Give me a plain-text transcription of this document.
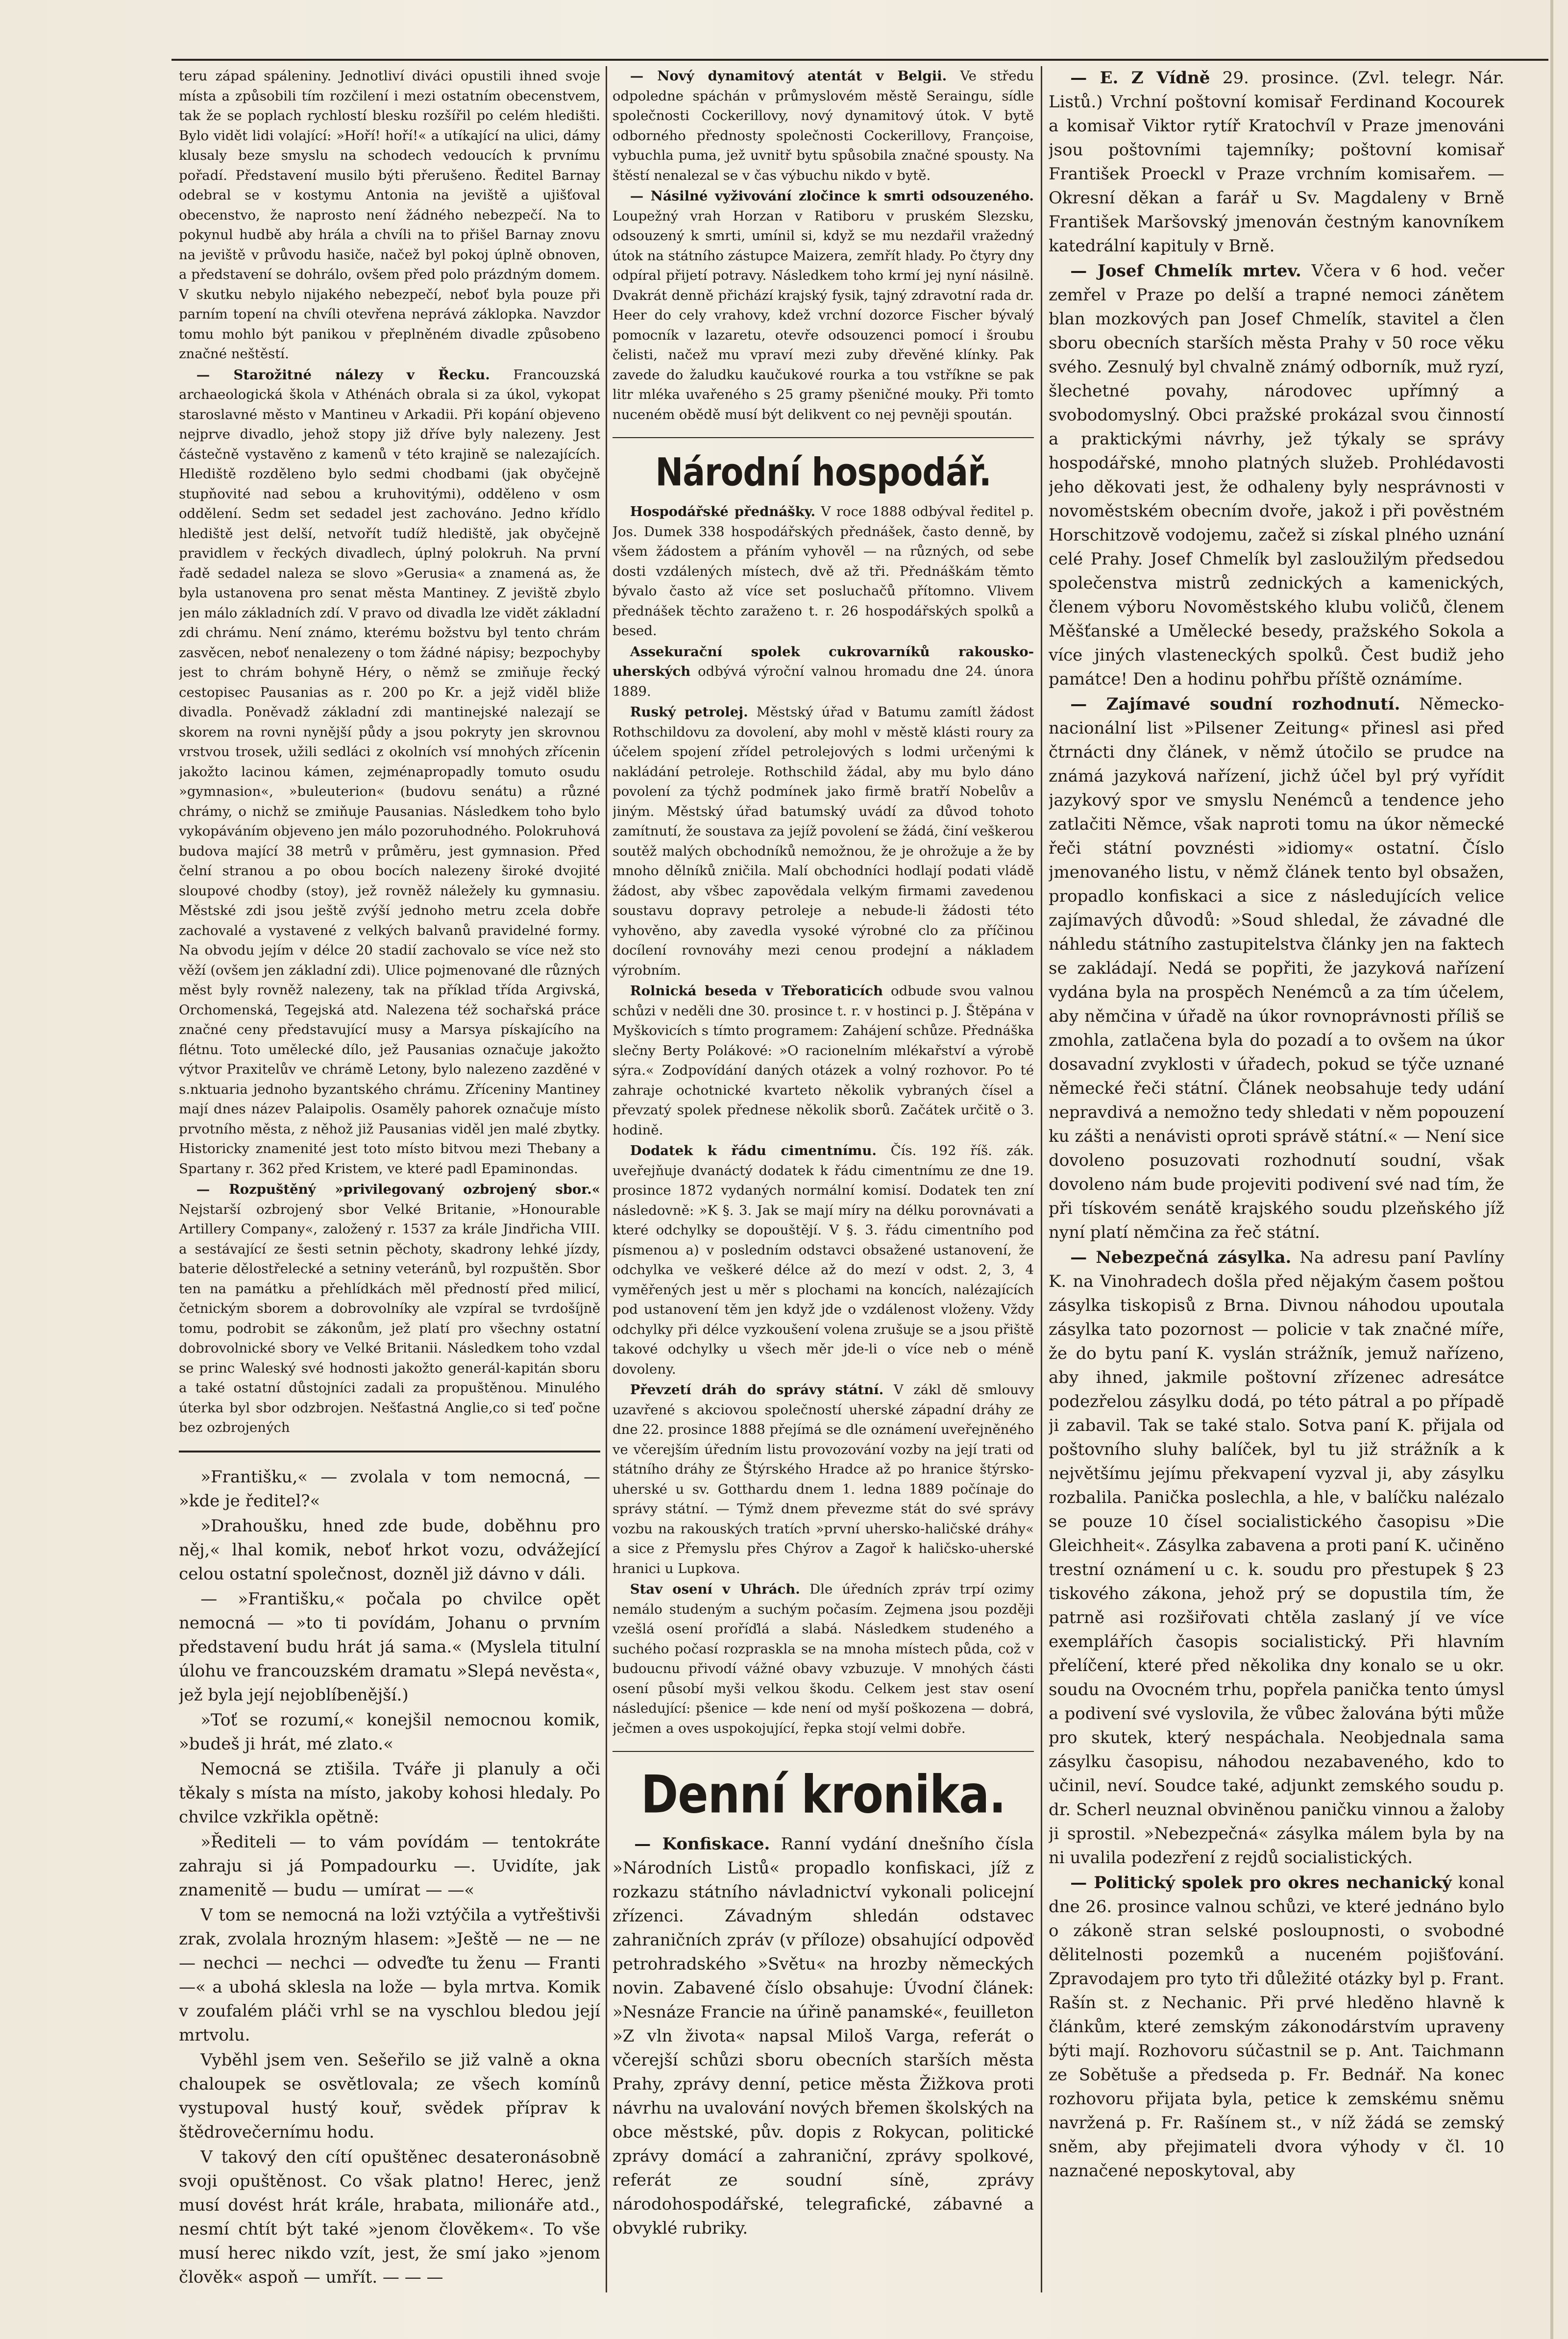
teru západ spáleniny. Jednotliví diváci opustili ihned svoje místa a způsobili tím rozčilení i mezi ostatním obecenstvem, tak že se poplach rychlostí blesku rozšířil po celém hledišti. Bylo vidět lidi volající: »Hoří! hoří!« a utíkající na ulici, dámy klusaly beze smyslu na schodech vedoucích k prvnímu pořadí. Představení musilo býti přerušeno. Ředitel Barnay odebral se v kostymu Antonia na jeviště a ujišťoval obecenstvo, že naprosto není žádného nebezpečí. Na to pokynul hudbě aby hrála a chvíli na to přišel Barnay znovu na jeviště v průvodu hasiče, načež byl pokoj úplně obnoven, a představení se dohrálo, ovšem před polo prázdným domem. V skutku nebylo nijakého nebezpečí, neboť byla pouze při parním topení na chvíli otevřena neprává záklopka. Navzdor tomu mohlo být panikou v přeplněném divadle způsobeno značné neštěstí.

— Starožitné nálezy v Řecku. Francouzská archaeologická škola v Athénách obrala si za úkol, vykopat staroslavné město v Mantineu v Arkadii. Při kopání objeveno nejprve divadlo, jehož stopy již dříve byly nalezeny. Jest částečně vystavěno z kamenů v této krajině se nalezajících. Hlediště rozděleno bylo sedmi chodbami (jak obyčejně stupňovité nad sebou a kruhovitými), odděleno v osm oddělení. Sedm set sedadel jest zachováno. Jedno křídlo hlediště jest delší, netvořít tudíž hlediště, jak obyčejně pravidlem v řeckých divadlech, úplný polokruh. Na první řadě sedadel naleza se slovo »Gerusia« a znamená as, že byla ustanovena pro senat města Mantiney. Z jeviště zbylo jen málo základních zdí. V pravo od divadla lze vidět základní zdi chrámu. Není známo, kterému božstvu byl tento chrám zasvěcen, neboť nenalezeny o tom žádné nápisy; bezpochyby jest to chrám bohyně Héry, o němž se zmiňuje řecký cestopisec Pausanias as r. 200 po Kr. a jejž viděl bliže divadla. Poněvadž základní zdi mantinejské nalezají se skorem na rovni nynější půdy a jsou pokryty jen skrovnou vrstvou trosek, užili sedláci z okolních vsí mnohých zřícenin jakožto lacinou kámen, zejménapropadly tomuto osudu »gymnasion«, »buleuterion« (budovu senátu) a různé chrámy, o nichž se zmiňuje Pausanias. Následkem toho bylo vykopáváním objeveno jen málo pozoruhodného. Polokruhová budova mající 38 metrů v průměru, jest gymnasion. Před čelní stranou a po obou bocích nalezeny široké dvojité sloupové chodby (stoy), jež rovněž náležely ku gymnasiu. Městské zdi jsou ještě zvýší jednoho metru zcela dobře zachovalé a vystavené z velkých balvanů pravidelné formy. Na obvodu jejím v délce 20 stadií zachovalo se více než sto věží (ovšem jen základní zdi). Ulice pojmenované dle různých měst byly rovněž nalezeny, tak na příklad třída Argivská, Orchomenská, Tegejská atd. Nalezena též sochařská práce značné ceny představující musy a Marsya pískajícího na flétnu. Toto umělecké dílo, jež Pausanias označuje jakožto výtvor Praxitelův ve chrámě Letony, bylo nalezeno zazděné v s.nktuaria jednoho byzantského chrámu. Zříceniny Mantiney mají dnes název Palaipolis. Osaměly pahorek označuje místo prvotního města, z něhož již Pausanias viděl jen malé zbytky. Historicky znamenité jest toto místo bitvou mezi Thebany a Spartany r. 362 před Kristem, ve které padl Epaminondas.

— Rozpuštěný »privilegovaný ozbrojený sbor.« Nejstarší ozbrojený sbor Velké Britanie, »Honourable Artillery Company«, založený r. 1537 za krále Jindřicha VIII. a sestávající ze šesti setnin pěchoty, skadrony lehké jízdy, baterie dělostřelecké a setniny veteránů, byl rozpuštěn. Sbor ten na památku a přehlídkách měl předností před milicí, četnickým sborem a dobrovolníky ale vzpíral se tvrdošíjně tomu, podrobit se zákonům, jež platí pro všechny ostatní dobrovolnické sbory ve Velké Britanii. Následkem toho vzdal se princ Waleský své hodnosti jakožto generál-kapitán sboru a také ostatní důstojníci zadali za propuštěnou. Minulého úterka byl sbor odzbrojen. Nešťastná Anglie,co si teď počne bez ozbrojených

»Františku,« — zvolala v tom nemocná, — »kde je ředitel?«

»Drahoušku, hned zde bude, doběhnu pro něj,« lhal komik, neboť hrkot vozu, odvážející celou ostatní společnost, dozněl již dávno v dáli.

— »Františku,« počala po chvilce opět nemocná — »to ti povídám, Johanu o prvním představení budu hrát já sama.« (Myslela titulní úlohu ve francouzském dramatu »Slepá nevěsta«, jež byla její nejoblíbenější.)

»Toť se rozumí,« konejšil nemocnou komik, »budeš ji hrát, mé zlato.«

Nemocná se ztišila. Tváře ji planuly a oči těkaly s místa na místo, jakoby kohosi hledaly. Po chvilce vzkřikla opětně:

»Řediteli — to vám povídám — tentokráte zahraju si já Pompadourku —. Uvidíte, jak znamenitě — budu — umírat — —«

V tom se nemocná na loži vztýčila a vytřeštivši zrak, zvolala hrozným hlasem: »Ještě — ne — ne — nechci — nechci — odveďte tu ženu — Franti —« a ubohá sklesla na lože — byla mrtva. Komik v zoufalém pláči vrhl se na vyschlou bledou její mrtvolu.

Vyběhl jsem ven. Sešeřilo se již valně a okna chaloupek se osvětlovala; ze všech komínů vystupoval hustý kouř, svědek příprav k štědrovečernímu hodu.

V takový den cítí opuštěnec desateronásobně svoji opuštěnost. Co však platno! Herec, jenž musí dovést hrát krále, hrabata, milionáře atd., nesmí chtít být také »jenom člověkem«. To vše musí herec nikdo vzít, jest, že smí jako »jenom člověk« aspoň — umřít. — — —

— Nový dynamitový atentát v Belgii. Ve středu odpoledne spáchán v průmyslovém městě Seraingu, sídle společnosti Cockerillovy, nový dynamitový útok. V bytě odborného přednosty společnosti Cockerillovy, Françoise, vybuchla puma, jež uvnitř bytu spůsobila značné spousty. Na štěstí nenalezal se v čas výbuchu nikdo v bytě.

— Násilné vyživování zločince k smrti odsouzeného. Loupežný vrah Horzan v Ratiboru v pruském Slezsku, odsouzený k smrti, umínil si, když se mu nezdařil vražedný útok na státního zástupce Maizera, zemřít hlady. Po čtyry dny odpíral přijetí potravy. Následkem toho krmí jej nyní násilně. Dvakrát denně přichází krajský fysik, tajný zdravotní rada dr. Heer do cely vrahovy, kdež vrchní dozorce Fischer bývalý pomocník v lazaretu, otevře odsouzenci pomocí i šroubu čelisti, načež mu vpraví mezi zuby dřevěné klínky. Pak zavede do žaludku kaučukové rourka a tou vstříkne se pak litr mléka uvařeného s 25 gramy pšeničné mouky. Při tomto nuceném obědě musí být delikvent co nej pevněji spoután.

Národní hospodář.

Hospodářské přednášky. V roce 1888 odbýval ředitel p. Jos. Dumek 338 hospodářských přednášek, často denně, by všem žádostem a přáním vyhověl — na různých, od sebe dosti vzdálených místech, dvě až tři. Přednáškám těmto bývalo často až více set posluchačů přítomno. Vlivem přednášek těchto zaraženo t. r. 26 hospodářských spolků a besed.

Assekurační spolek cukrovarníků rakousko-uherských odbývá výroční valnou hromadu dne 24. února 1889.

Ruský petrolej. Městský úřad v Batumu zamítl žádost Rothschildovu za dovolení, aby mohl v městě klásti roury za účelem spojení zřídel petrolejových s lodmi určenými k nakládání petroleje. Rothschild žádal, aby mu bylo dáno povolení za týchž podmínek jako firmě bratří Nobelův a jiným. Městský úřad batumský uvádí za důvod tohoto zamítnutí, že soustava za jejíž povolení se žádá, činí veškerou soutěž malých obchodníků nemožnou, že je ohrožuje a že by mnoho dělníků zničila. Malí obchodníci hodlají podati vládě žádost, aby všbec zapovědala velkým firmami zavedenou soustavu dopravy petroleje a nebude-li žádosti této vyhověno, aby zavedla vysoké výrobné clo za příčinou docílení rovnováhy mezi cenou prodejní a nákladem výrobním.

Rolnická beseda v Třeboraticích odbude svou valnou schůzi v neděli dne 30. prosince t. r. v hostinci p. J. Štěpána v Myškovicích s tímto programem: Zahájení schůze. Přednáška slečny Berty Polákové: »O racionelním mlékařství a výrobě sýra.« Zodpovídání daných otázek a volný rozhovor. Po té zahraje ochotnické kvarteto několik vybraných čísel a převzatý spolek přednese několik sborů. Začátek určitě o 3. hodině.

Dodatek k řádu cimentnímu. Čís. 192 říš. zák. uveřejňuje dvanáctý dodatek k řádu cimentnímu ze dne 19. prosince 1872 vydaných normální komisí. Dodatek ten zní následovně: »K §. 3. Jak se mají míry na délku porovnávati a které odchylky se dopouštějí. V §. 3. řádu cimentního pod písmenou a) v posledním odstavci obsažené ustanovení, že odchylka ve veškeré délce až do mezí v odst. 2, 3, 4 vyměřených jest u měr s plochami na koncích, nalézajících pod ustanovení těm jen když jde o vzdálenost vloženy. Vždy odchylky při délce vyzkoušení volena zrušuje se a jsou přiště takové odchylky u všech měr jde-li o více neb o méně dovoleny.

Převzetí dráh do správy státní. V zákl dě smlouvy uzavřené s akciovou společností uherské západní dráhy ze dne 22. prosince 1888 přejímá se dle oznámení uveřejněného ve včerejším úředním listu provozování vozby na její trati od státního dráhy ze Štýrského Hradce až po hranice štýrsko-uherské u sv. Gotthardu dnem 1. ledna 1889 počínaje do správy státní. — Týmž dnem převezme stát do své správy vozbu na rakouských tratích »první uhersko-haličské dráhy« a sice z Přemyslu přes Chýrov a Zagoř k haličsko-uherské hranici u Lupkova.

Stav osení v Uhrách. Dle úředních zpráv trpí ozimy nemálo studeným a suchým počasím. Zejmena jsou později vzešlá osení proříďlá a slabá. Následkem studeného a suchého počasí rozpraskla se na mnoha místech půda, což v budoucnu přivodí vážné obavy vzbuzuje. V mnohých části osení působí myši velkou škodu. Celkem jest stav osení následující: pšenice — kde není od myší poškozena — dobrá, ječmen a oves uspokojující, řepka stojí velmi dobře.

Denní kronika.

— Konfiskace. Ranní vydání dnešního čísla »Národních Listů« propadlo konfiskaci, jíž z rozkazu státního návladnictví vykonali policejní zřízenci. Závadným shledán odstavec zahraničních zpráv (v příloze) obsahující odpověď petrohradského »Světu« na hrozby německých novin. Zabavené číslo obsahuje: Úvodní článek: »Nesnáze Francie na úřině panamské«, feuilleton »Z vln života« napsal Miloš Varga, referát o včerejší schůzi sboru obecních starších města Prahy, zprávy denní, petice města Žižkova proti návrhu na uvalování nových břemen školských na obce městské, pův. dopis z Rokycan, politické zprávy domácí a zahraniční, zprávy spolkové, referát ze soudní síně, zprávy národohospodářské, telegrafické, zábavné a obvyklé rubriky.

— E. Z Vídně 29. prosince. (Zvl. telegr. Nár. Listů.) Vrchní poštovní komisař Ferdinand Kocourek a komisař Viktor rytíř Kratochvíl v Praze jmenováni jsou poštovními tajemníky; poštovní komisař František Proeckl v Praze vrchním komisařem. — Okresní děkan a farář u Sv. Magdaleny v Brně František Maršovský jmenován čestným kanovníkem katedrální kapituly v Brně.

— Josef Chmelík mrtev. Včera v 6 hod. večer zemřel v Praze po delší a trapné nemoci zánětem blan mozkových pan Josef Chmelík, stavitel a člen sboru obecních starších města Prahy v 50 roce věku svého. Zesnulý byl chvalně známý odborník, muž ryzí, šlechetné povahy, národovec upřímný a svobodomyslný. Obci pražské prokázal svou činností a praktickými návrhy, jež týkaly se správy hospodářské, mnoho platných služeb. Prohlédavosti jeho děkovati jest, že odhaleny byly nesprávnosti v novoměstském obecním dvoře, jakož i při pověstném Horschitzově vodojemu, začež si získal plného uznání celé Prahy. Josef Chmelík byl zasloužilým předsedou společenstva mistrů zednických a kamenických, členem výboru Novoměstského klubu voličů, členem Měšťanské a Umělecké besedy, pražského Sokola a více jiných vlasteneckých spolků. Čest budiž jeho památce! Den a hodinu pohřbu příště oznámíme.

— Zajímavé soudní rozhodnutí. Německo-nacionální list »Pilsener Zeitung« přinesl asi před čtrnácti dny článek, v němž útočilo se prudce na známá jazyková nařízení, jichž účel byl prý vyřídit jazykový spor ve smyslu Nenémců a tendence jeho zatlačiti Němce, však naproti tomu na úkor německé řeči státní povznésti »idiomy« ostatní. Číslo jmenovaného listu, v němž článek tento byl obsažen, propadlo konfiskaci a sice z následujících velice zajímavých důvodů: »Soud shledal, že závadné dle náhledu státního zastupitelstva články jen na faktech se zakládají. Nedá se popřiti, že jazyková nařízení vydána byla na prospěch Nenémců a za tím účelem, aby němčina v úřadě na úkor rovnoprávnosti příliš se zmohla, zatlačena byla do pozadí a to ovšem na úkor dosavadní zvyklosti v úřadech, pokud se týče uznané německé řeči státní. Článek neobsahuje tedy udání nepravdivá a nemožno tedy shledati v něm popouzení ku zášti a nenávisti oproti správě státní.« — Není sice dovoleno posuzovati rozhodnutí soudní, však dovoleno nám bude projeviti podivení své nad tím, že při tískovém senátě krajského soudu plzeňského jíž nyní platí němčina za řeč státní.

— Nebezpečná zásylka. Na adresu paní Pavlíny K. na Vinohradech došla před nějakým časem poštou zásylka tiskopisů z Brna. Divnou náhodou upoutala zásylka tato pozornost — policie v tak značné míře, že do bytu paní K. vyslán strážník, jemuž nařízeno, aby ihned, jakmile poštovní zřízenec adresátce podezřelou zásylku dodá, po této pátral a po případě ji zabavil. Tak se také stalo. Sotva paní K. přijala od poštovního sluhy balíček, byl tu již strážník a k největšímu jejímu překvapení vyzval ji, aby zásylku rozbalila. Panička poslechla, a hle, v balíčku nalézalo se pouze 10 čísel socialistického časopisu »Die Gleichheit«. Zásylka zabavena a proti paní K. učiněno trestní oznámení u c. k. soudu pro přestupek § 23 tiskového zákona, jehož prý se dopustila tím, že patrně asi rozšiřovati chtěla zaslaný jí ve více exemplářích časopis socialistický. Při hlavním přelíčení, které před několika dny konalo se u okr. soudu na Ovocném trhu, popřela panička tento úmysl a podivení své vyslovila, že vůbec žalována býti může pro skutek, který nespáchala. Neobjednala sama zásylku časopisu, náhodou nezabaveného, kdo to učinil, neví. Soudce také, adjunkt zemského soudu p. dr. Scherl neuznal obviněnou paničku vinnou a žaloby ji sprostil. »Nebezpečná« zásylka málem byla by na ni uvalila podezření z rejdů socialistických.

— Politický spolek pro okres nechanický konal dne 26. prosince valnou schůzi, ve které jednáno bylo o zákoně stran selské posloupnosti, o svobodné dělitelnosti pozemků a nuceném pojišťování. Zpravodajem pro tyto tři důležité otázky byl p. Frant. Rašín st. z Nechanic. Při prvé hleděno hlavně k článkům, které zemským zákonodárstvím upraveny býti mají. Rozhovoru súčastnil se p. Ant. Taichmann ze Sobětuše a předseda p. Fr. Bednář. Na konec rozhovoru přijata byla, petice k zemskému sněmu navržená p. Fr. Rašínem st., v níž žádá se zemský sněm, aby přejimateli dvora výhody v čl. 10 naznačené neposkytoval, aby
